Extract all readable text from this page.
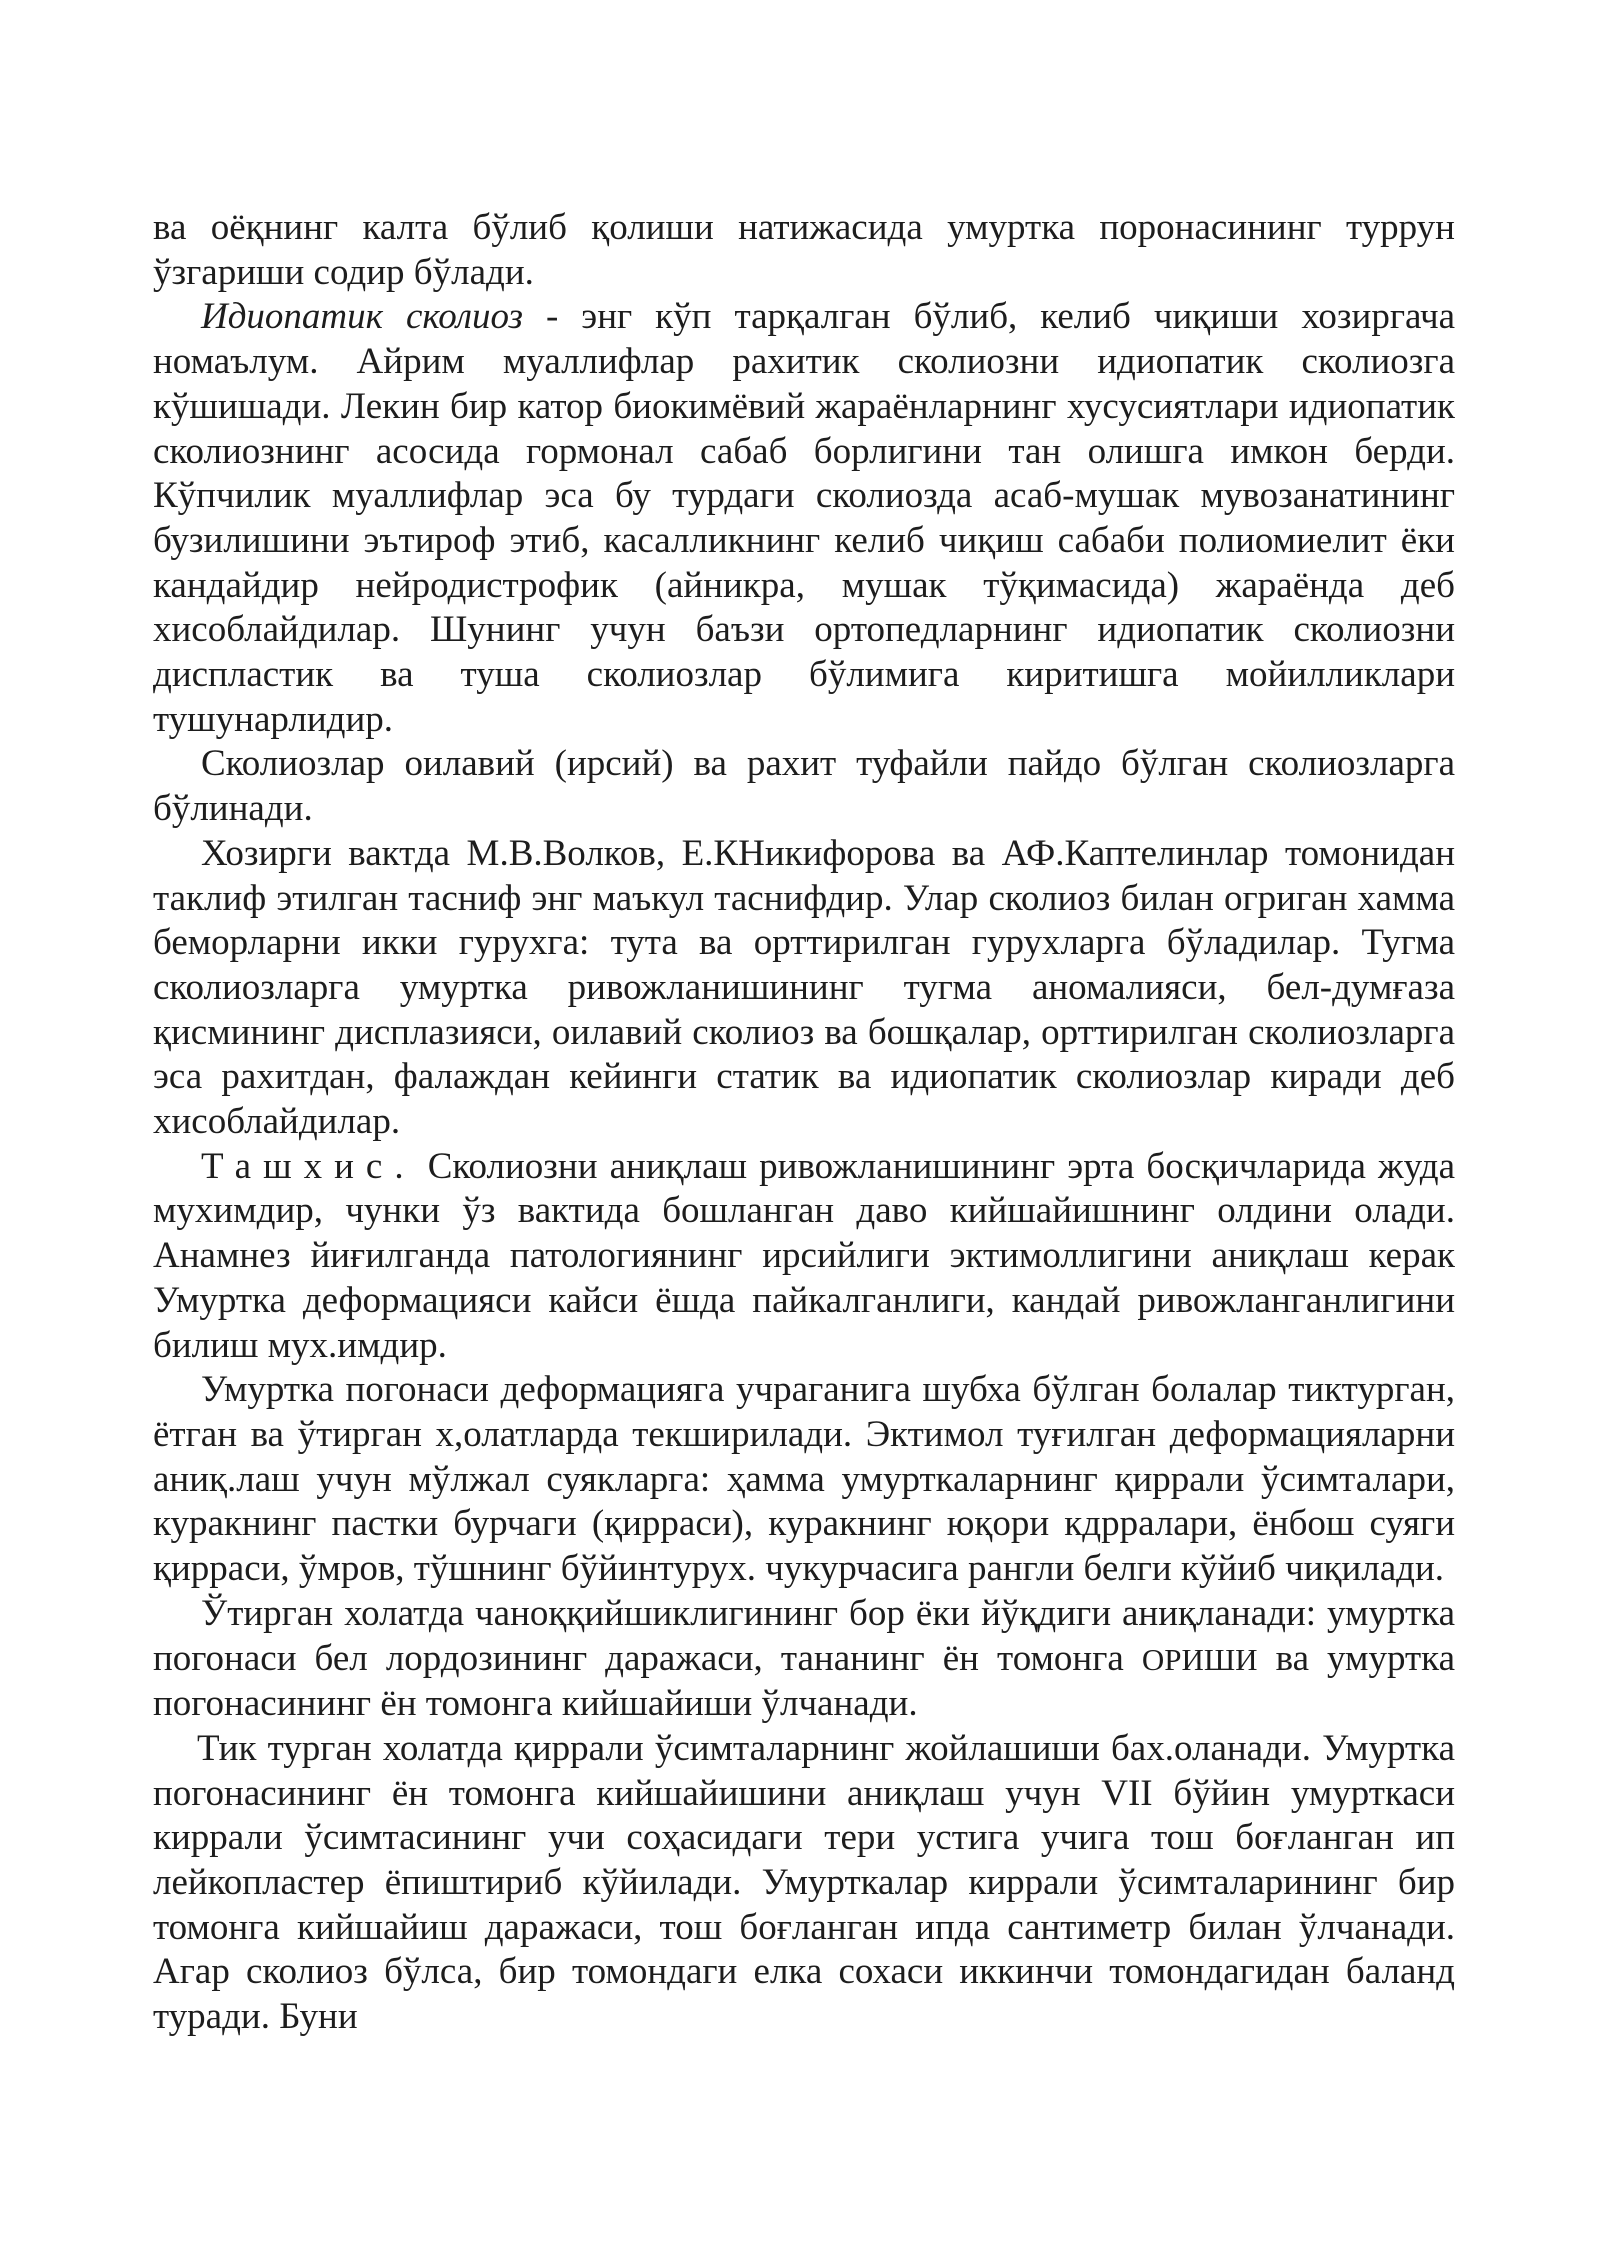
ва оёқнинг калта бўлиб қолиши натижасида умуртка поронасининг туррун ўзгариши содир бўлади.

Идиопатик сколиоз - энг кўп тарқалган бўлиб, келиб чиқиши хозиргача номаълум. Айрим муаллифлар рахитик сколиозни идиопатик сколиозга кўшишади. Лекин бир катор биокимёвий жараёнларнинг хусусиятлари идиопатик сколиознинг асосида гормонал сабаб борлигини тан олишга имкон берди. Кўпчилик муаллифлар эса бу турдаги сколиозда асаб-мушак мувозанатининг бузилишини эътироф этиб, касалликнинг келиб чиқиш сабаби полиомиелит ёки кандайдир нейродистрофик (айникра, мушак тўқимасида) жараёнда деб хисоблайдилар. Шунинг учун баъзи ортопедларнинг идиопатик сколиозни диспластик ва туша сколиозлар бўлимига киритишга мойилликлари тушунарлидир.

Сколиозлар оилавий (ирсий) ва рахит туфайли пайдо бўлган сколиозларга бўлинади.

Хозирги вактда М.В.Волков, Е.КНикифорова ва АФ.Каптелинлар томонидан таклиф этилган тасниф энг маъкул таснифдир. Улар сколиоз билан огриган хамма беморларни икки гурухга: тута ва орттирилган гурухларга бўладилар. Тугма сколиозларга умуртка ривожланишининг тугма аномалияси, бел-думғаза қисмининг дисплазияси, оилавий сколиоз ва бошқалар, орттирилган сколиозларга эса рахитдан, фалаждан кейинги статик ва идиопатик сколиозлар киради деб хисоблайдилар.

Ташхис. Сколиозни аниқлаш ривожланишининг эрта босқичларида жуда мухимдир, чунки ўз вактида бошланган даво кийшайишнинг олдини олади. Анамнез йиғилганда патологиянинг ирсийлиги эктимоллигини аниқлаш керак Умуртка деформацияси кайси ёшда пайкалганлиги, кандай ривожланганлигини билиш мух.имдир.

Умуртка погонаси деформацияга учраганига шубха бўлган болалар тиктурган, ётган ва ўтирган х,олатларда текширилади. Эктимол туғилган деформацияларни аниқ.лаш учун мўлжал суякларга: ҳамма умурткаларнинг қиррали ўсимталари, куракнинг пастки бурчаги (қирраси), куракнинг юқори кдрралари, ёнбош суяги қирраси, ўмров, тўшнинг бўйинтурух. чукурчасига рангли белги кўйиб чиқилади.

Ўтирган холатда чаноққийшиклигининг бор ёки йўқдиги аниқланади: умуртка погонаси бел лордозининг даражаси, тананинг ён томонга ОРИШИ ва умуртка погонасининг ён томонга кийшайиши ўлчанади.

Тик турган холатда қиррали ўсимталарнинг жойлашиши бах.оланади. Умуртка погонасининг ён томонга кийшайишини аниқлаш учун VII бўйин умурткаси киррали ўсимтасининг учи соҳасидаги тери устига учига тош боғланган ип лейкопластер ёпиштириб кўйилади. Умурткалар киррали ўсимталарининг бир томонга кийшайиш даражаси, тош боғланган ипда сантиметр билан ўлчанади. Агар сколиоз бўлса, бир томондаги елка сохаси иккинчи томондагидан баланд туради. Буни
